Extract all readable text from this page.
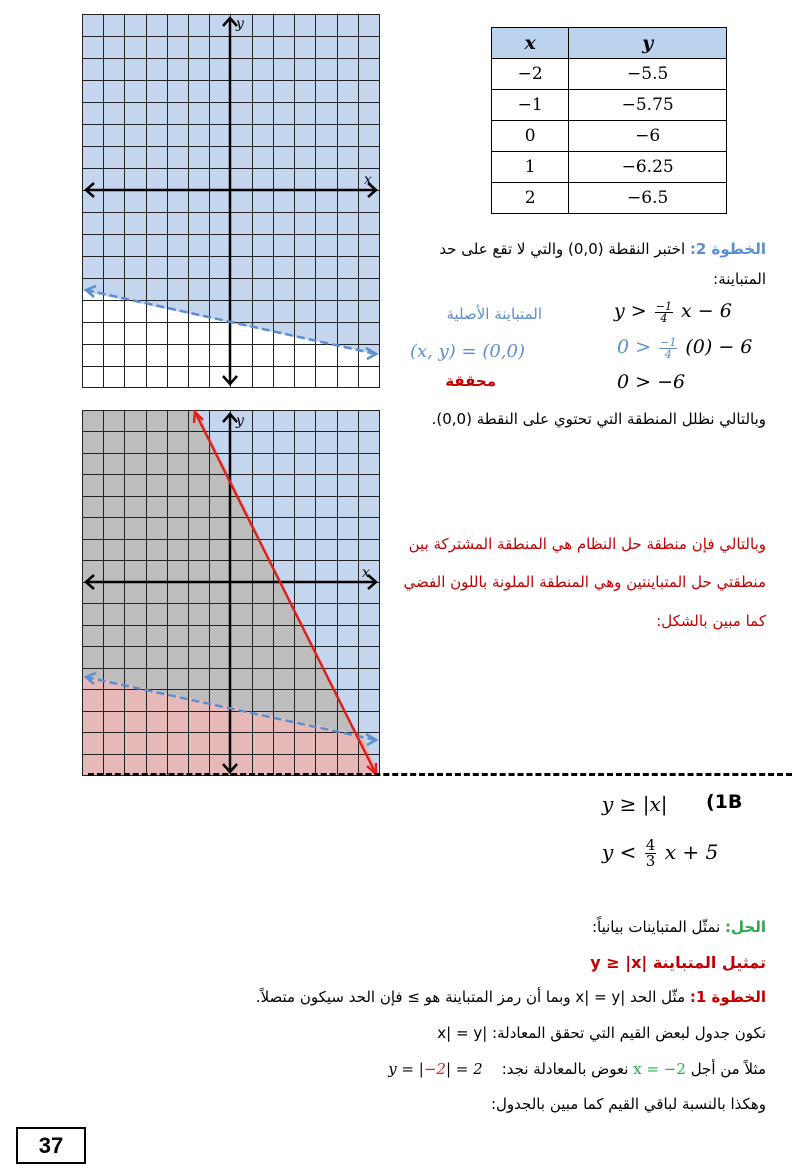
x
y
x
y
x	y
−2	−5.5
−1	−5.75
0	−6
1	−6.25
2	−6.5
الخطوة 2: اختبر النقطة (0,0) والتي لا تقع على حد
المتباينة:
المتباينة الأصلية	$y > \frac{-1}{4}$ x − 6
(x, y) = (0,0)	$0 > \frac{-1}{4} (0) - 6$
محققة	0 > −6
وبالتالي نظلل المنطقة التي تحتوي على النقطة (0,0).
وبالتالي فإن منطقة حل النظام هي المنطقة المشتركة بين
منطقتي حل المتباينتين وهي المنطقة الملونة باللون الفضي
كما مبين بالشكل:
(1B
y ≥ |x|
$y < \frac{4}{3}$ x + 5
الحل: نمثّل المتباينات بيانياً:
تمثيل المتباينة |y ≥ |x
الخطوة 1: مثّل الحد |x| = y وبما أن رمز المتباينة هو ≥ فإن الحد سيكون متصلاً.
نكون جدول لبعض القيم التي تحقق المعادلة: |x| = y
مثلاً من أجل x = −2 نعوض بالمعادلة نجد:    y = |−2| = 2
وهكذا بالنسبة لباقي القيم كما مبين بالجدول:
37
